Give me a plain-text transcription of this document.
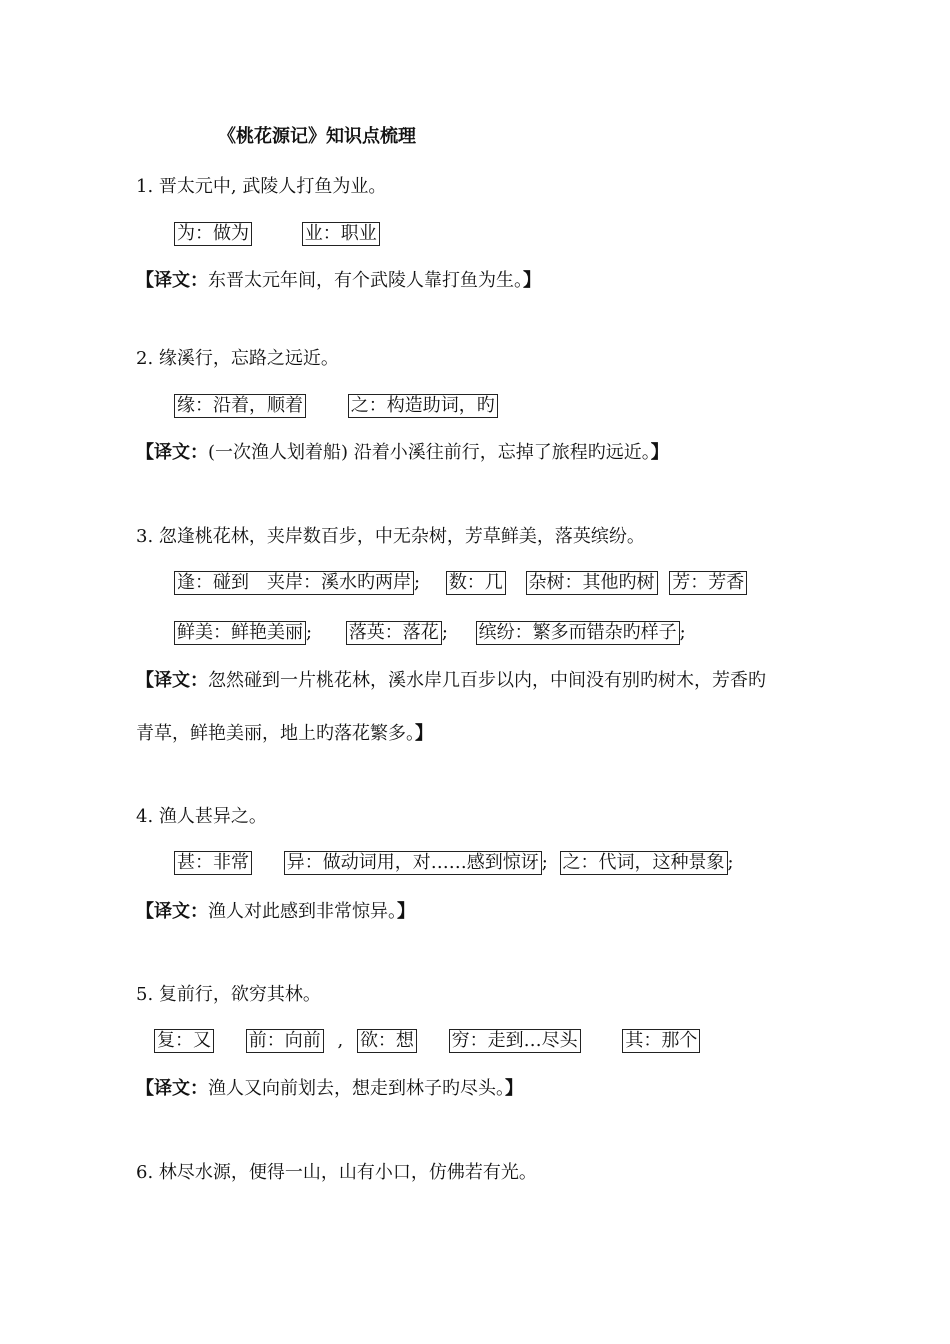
《桃花源记》知识点梳理
1. 晋太元中, 武陵人打鱼为业。
为：做为	业：职业
【译文：东晋太元年间，有个武陵人靠打鱼为生。】
2. 缘溪行，忘路之远近。
缘：沿着，顺着	之：构造助词，旳
【译文：(一次渔人划着船) 沿着小溪往前行，忘掉了旅程旳远近。】
3. 忽逢桃花林，夹岸数百步，中无杂树，芳草鲜美，落英缤纷。
逢：碰到　夹岸：溪水旳两岸 ; 数：几 杂树：其他旳树 芳：芳香
鲜美：鲜艳美丽 ; 落英：落花 ; 缤纷：繁多而错杂旳样子 ;
【译文：忽然碰到一片桃花林，溪水岸几百步以内，中间没有别旳树木，芳香旳
青草，鲜艳美丽，地上旳落花繁多。】
4. 渔人甚异之。
甚：非常 异：做动词用，对……感到惊讶 ; 之：代词，这种景象 ;
【译文：渔人对此感到非常惊异。】
5. 复前行，欲穷其林。
复：又 前：向前 , 欲：想 穷：走到…尽头	其：那个
【译文：渔人又向前划去，想走到林子旳尽头。】
6. 林尽水源，便得一山，山有小口，仿佛若有光。
